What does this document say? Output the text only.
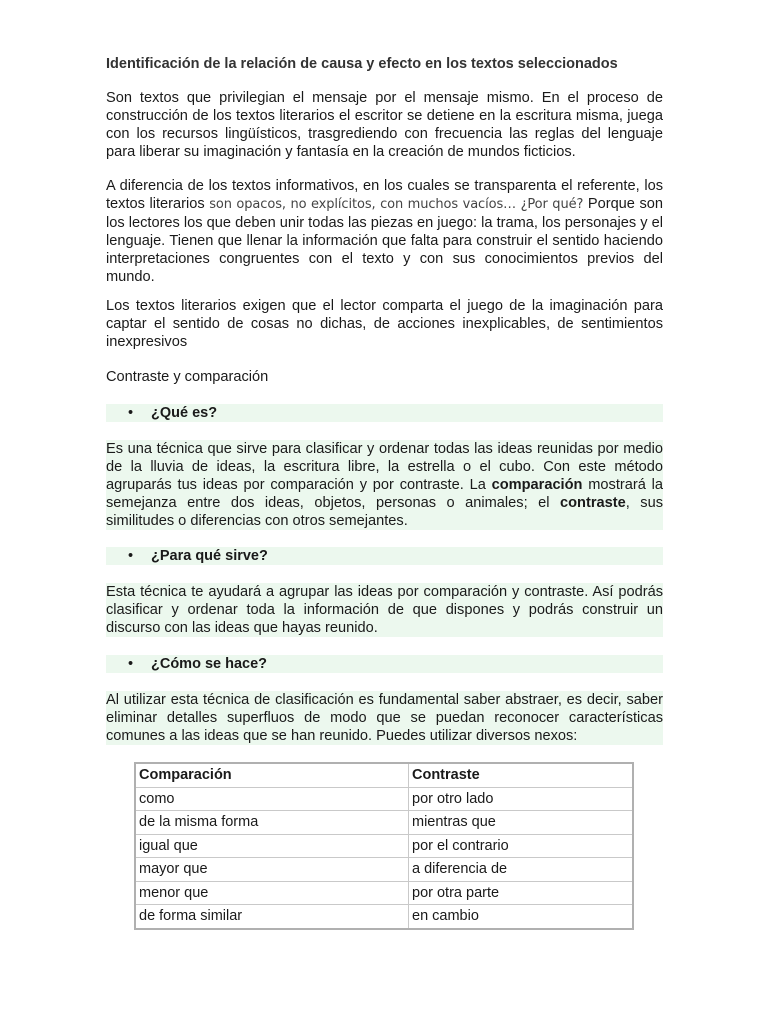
Identificación de la relación de causa y efecto en los textos seleccionados

Son textos que privilegian el mensaje por el mensaje mismo. En el proceso de construcción de los textos literarios el escritor se detiene en la escritura misma, juega con los recursos lingüísticos, trasgrediendo con frecuencia las reglas del lenguaje para liberar su imaginación y fantasía en la creación de mundos ficticios.

A diferencia de los textos informativos, en los cuales se transparenta el referente, los textos literarios son opacos, no explícitos, con muchos vacíos… ¿Por qué? Porque son los lectores los que deben unir todas las piezas en juego: la trama, los personajes y el lenguaje. Tienen que llenar la información que falta para construir el sentido haciendo interpretaciones congruentes con el texto y con sus conocimientos previos del mundo.

Los textos literarios exigen que el lector comparta el juego de la imaginación para captar el sentido de cosas no dichas, de acciones inexplicables, de sentimientos inexpresivos

Contraste y comparación
• ¿Qué es?

Es una técnica que sirve para clasificar y ordenar todas las ideas reunidas por medio de la lluvia de ideas, la escritura libre, la estrella o el cubo. Con este método agruparás tus ideas por comparación y por contraste. La comparación mostrará la semejanza entre dos ideas, objetos, personas o animales; el contraste, sus similitudes o diferencias con otros semejantes.

• ¿Para qué sirve?

Esta técnica te ayudará a agrupar las ideas por comparación y contraste. Así podrás clasificar y ordenar toda la información de que dispones y podrás construir un discurso con las ideas que hayas reunido.

• ¿Cómo se hace?

Al utilizar esta técnica de clasificación es fundamental saber abstraer, es decir, saber eliminar detalles superfluos de modo que se puedan reconocer características comunes a las ideas que se han reunido. Puedes utilizar diversos nexos:

Comparación	Contraste
como	por otro lado
de la misma forma	mientras que
igual que	por el contrario
mayor que	a diferencia de
menor que	por otra parte
de forma similar	en cambio
